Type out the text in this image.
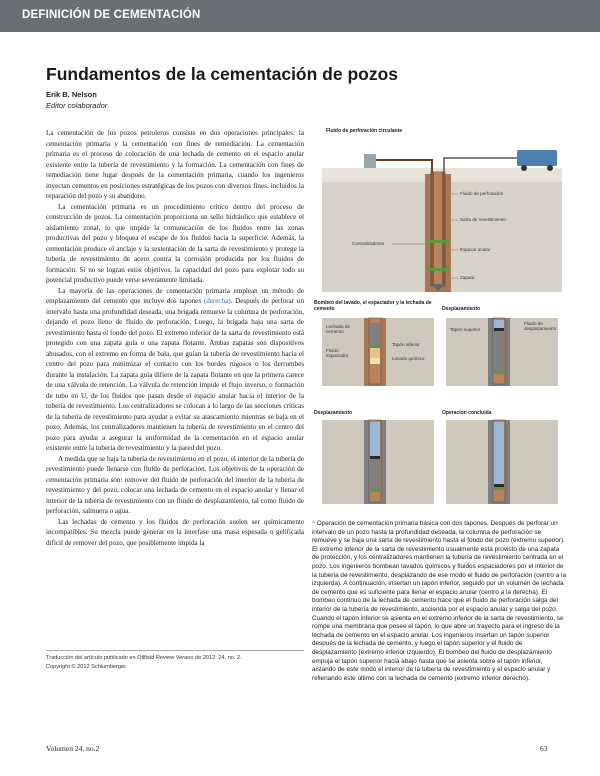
DEFINICIÓN DE CEMENTACIÓN
Fundamentos de la cementación de pozos
Erik B. Nelson
Editor colaborador

La cementación de los pozos petroleros consiste en dos operaciones principales: la cementación primaria y la cementación con fines de remediación. La cementación primaria es el proceso de colocación de una lechada de cemento en el espacio anular existente entre la tubería de revestimiento y la formación. La cementación con fines de remediación tiene lugar después de la cementación primaria, cuando los ingenieros inyectan cementos en posiciones estratégicas de los pozos con diversos fines, incluidos la reparación del pozo y su abandono.

La cementación primaria es un procedimiento crítico dentro del proceso de construcción de pozos. La cementación proporciona un sello hidráulico que establece el aislamiento zonal, lo que impide la comunicación de los fluidos entre las zonas productivas del pozo y bloquea el escape de los fluidos hacia la superficie. Además, la cementación produce el anclaje y la sustentación de la sarta de revestimiento y protege la tubería de revestimiento de acero contra la corrosión producida por los fluidos de formación. Si no se logran estos objetivos, la capacidad del pozo para explotar todo su potencial productivo puede verse severamente limitada.

La mayoría de las operaciones de cementación primaria emplean un método de emplazamiento del cemento que incluye dos tapones (derecha). Después de perforar un intervalo hasta una profundidad deseada, una brigada remueve la columna de perforación, dejando el pozo lleno de fluido de perforación. Luego, la brigada baja una sarta de revestimiento hasta el fondo del pozo. El extremo inferior de la sarta de revestimiento está protegido con una zapata guía o una zapata flotante. Ambas zapatas son dispositivos ahusados, con el extremo en forma de bala, que guían la tubería de revestimiento hacia el centro del pozo para minimizar el contacto con los bordes rugosos o los derrumbes durante la instalación. La zapata guía difiere de la zapata flotante en que la primera carece de una válvula de retención. La válvula de retención impide el flujo inverso, o formación de tubo en U, de los fluidos que pasan desde el espacio anular hacia el interior de la tubería de revestimiento. Los centralizadores se colocan a lo largo de las secciones críticas de la tubería de revestimiento para ayudar a evitar su atascamiento mientras se baja en el pozo. Además, los centralizadores mantienen la tubería de revestimiento en el centro del pozo para ayudar a asegurar la uniformidad de la cementación en el espacio anular existente entre la tubería de revestimiento y la pared del pozo.

A medida que se baja la tubería de revestimiento en el pozo, el interior de la tubería de revestimiento puede llenarse con fluido de perforación. Los objetivos de la operación de cementación primaria son: remover del fluido de perforación del interior de la tubería de revestimiento y del pozo, colocar una lechada de cemento en el espacio anular y llenar el interior de la tubería de revestimiento con un fluido de desplazamiento, tal como fluido de perforación, salmuera o agua.

Las lechadas de cemento y los fluidos de perforación suelen ser químicamente incompatibles. Su mezcla puede generar en la interfase una masa espesada o gelificada difícil de remover del pozo, que posiblemente impida la

Traducción del artículo publicado en Oilfield Review Verano de 2012: 24, no. 2.
Copyright © 2012 Schlumberger.
Volumen 24, no.2	63
Fluido de perforación circulante
Fluido de perforación
Sarta de revestimiento
Espacio anular
Centralizadores
Zapata
Bombeo del lavado, el espaciador y la lechada de cemento
Lechada de cemento
Fluido espaciador
Tapón inferior
Lavado químico
Desplazamiento
Tapón superior
Fluido de desplazamiento
Desplazamiento	Operación concluida
^ Operación de cementación primaria básica con dos tapones. Después de perforar un intervalo de un pozo hasta la profundidad deseada, la columna de perforación se remueve y se baja una sarta de revestimiento hasta el fondo del pozo (extremo superior). El extremo inferior de la sarta de revestimiento usualmente está provisto de una zapata de protección, y los centralizadores mantienen la tubería de revestimiento centrada en el pozo. Los ingenieros bombean lavados químicos y fluidos espaciadores por el interior de la tubería de revestimiento, desplazando de ese modo el fluido de perforación (centro a la izquierda). A continuación, insertan un tapón inferior, seguido por un volumen de lechada de cemento que es suficiente para llenar el espacio anular (centro a la derecha). El bombeo continuo de la lechada de cemento hace que el fluido de perforación salga del interior de la tubería de revestimiento, ascienda por el espacio anular y salga del pozo. Cuando el tapón inferior se asienta en el extremo inferior de la sarta de revestimiento, se rompe una membrana que posee el tapón, lo que abre un trayecto para el ingreso de la lechada de cemento en el espacio anular. Los ingenieros insertan un tapón superior después de la lechada de cemento, y luego el tapón superior y el fluido de desplazamiento (extremo inferior izquierdo). El bombeo del fluido de desplazamiento empuja el tapón superior hacia abajo hasta que se asienta sobre el tapón inferior, aislando de este modo el interior de la tubería de revestimiento y el espacio anular y rellenando este último con la lechada de cemento (extremo inferior derecho).
